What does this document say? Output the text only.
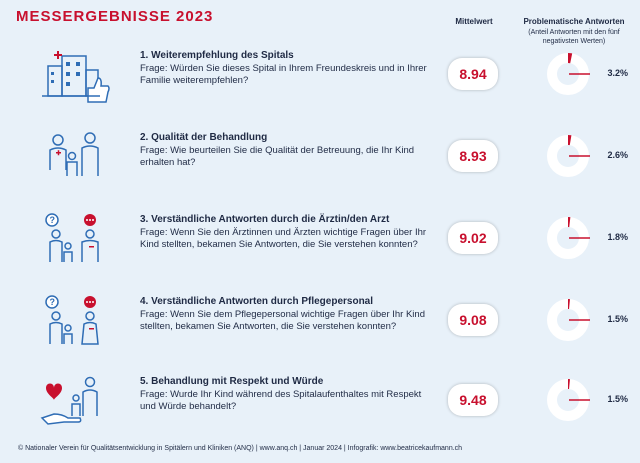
MESSERGEBNISSE 2023	Mittelwert	Problematische Antworten
(Anteil Antworten mit den fünf negativsten Werten)
1. Weiterempfehlung des Spitals
Frage: Würden Sie dieses Spital in Ihrem Freundeskreis und in Ihrer Familie weiterempfehlen?	8.94	3.2%
2. Qualität der Behandlung
Frage: Wie beurteilen Sie die Qualität der Betreuung, die Ihr Kind erhalten hat?	8.93	2.6%
?	3. Verständliche Antworten durch die Ärztin/den Arzt
Frage: Wenn Sie den Ärztinnen und Ärzten wichtige Fragen über Ihr Kind stellten, bekamen Sie Antworten, die Sie verstehen konnten?	9.02	1.8%
?	4. Verständliche Antworten durch Pflegepersonal
Frage: Wenn Sie dem Pflegepersonal wichtige Fragen über Ihr Kind stellten, bekamen Sie Antworten, die Sie verstehen konnten?	9.08	1.5%
5. Behandlung mit Respekt und Würde
Frage: Wurde Ihr Kind während des Spitalaufenthaltes mit Respekt und Würde behandelt?	9.48	1.5%
© Nationaler Verein für Qualitätsentwicklung in Spitälern und Kliniken (ANQ) | www.anq.ch | Januar 2024 | Infografik: www.beatricekaufmann.ch
